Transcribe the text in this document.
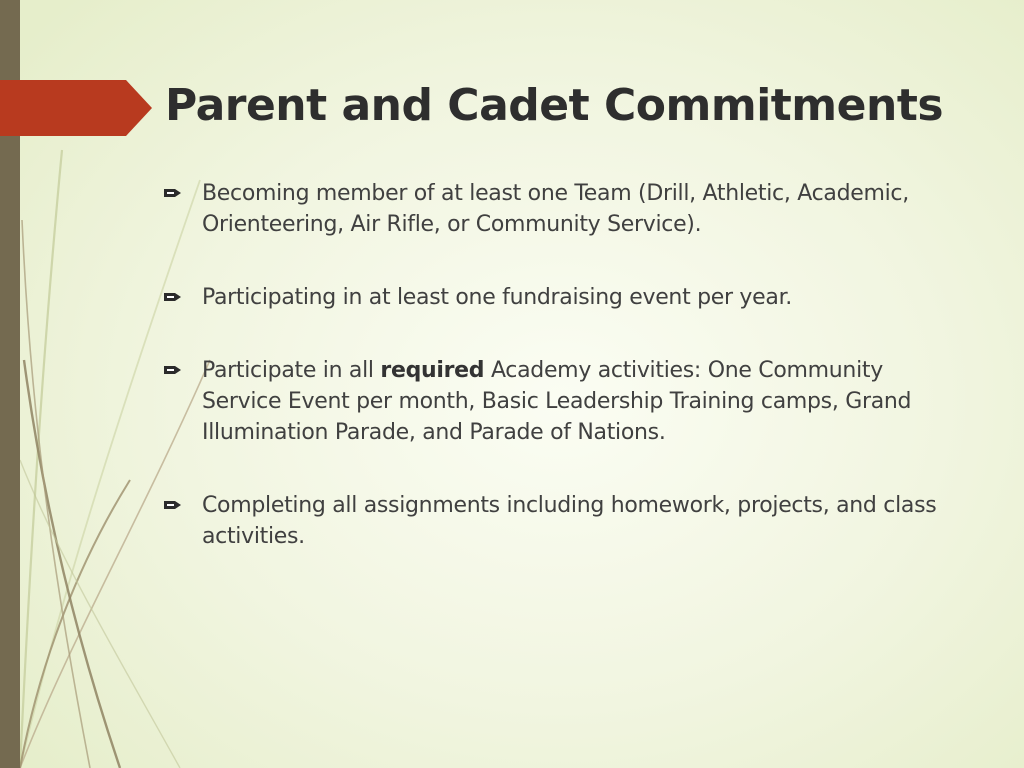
Parent and Cadet Commitments
Becoming member of at least one Team (Drill, Athletic, Academic, Orienteering, Air Rifle, or Community Service).
Participating in at least one fundraising event per year.
Participate in all required Academy activities: One Community Service Event per month, Basic Leadership Training camps, Grand Illumination Parade, and Parade of Nations.
Completing all assignments including homework, projects, and class activities.
